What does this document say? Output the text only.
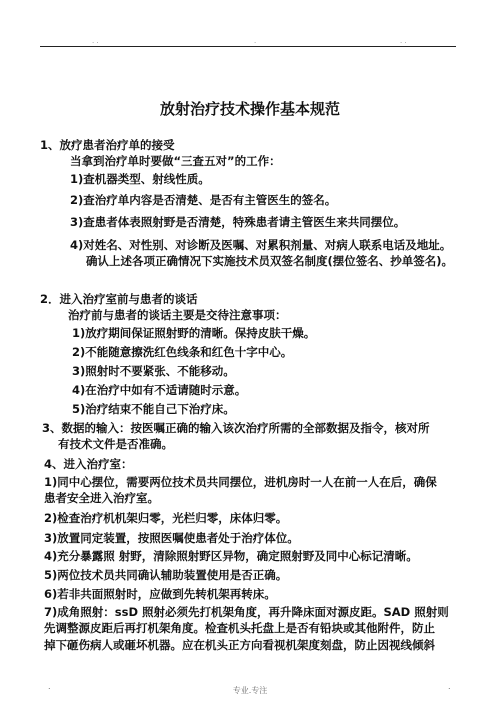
. .	.	. .
放射治疗技术操作基本规范
1、放疗患者治疗单的接受
当拿到治疗单时要做“三查五对”的工作：
1)查机器类型、射线性质。
2)查治疗单内容是否清楚、是否有主管医生的签名。
3)查患者体表照射野是否清楚，特殊患者请主管医生来共同摆位。
4)对姓名、对性别、对诊断及医嘱、对累积剂量、对病人联系电话及地址。
确认上述各项正确情况下实施技术员双签名制度(摆位签名、抄单签名)。
2．进入治疗室前与患者的谈话
治疗前与患者的谈话主要是交待注意事项：
1)放疗期间保证照射野的清晰。保持皮肤干燥。
2)不能随意擦洗红色线条和红色十字中心。
3)照射时不要紧张、不能移动。
4)在治疗中如有不适请随时示意。
5)治疗结束不能自己下治疗床。
3、数据的输入：按医嘱正确的输入该次治疗所需的全部数据及指令，核对所
有技术文件是否准确。
4、进入治疗室：
1)同中心摆位，需要两位技术员共同摆位，进机房时一人在前一人在后，确保
患者安全进入治疗室。
2)检查治疗机机架归零，光栏归零，床体归零。
3)放置同定装置，按照医嘱使患者处于治疗体位。
4)充分暴露照 射野，清除照射野区异物，确定照射野及同中心标记清晰。
5)两位技术员共同确认辅助装置使用是否正确。
6)若非共面照射时，应做到先转机架再转床。
7)成角照射：ssD 照射必须先打机架角度，再升降床面对源皮距。SAD 照射则
先调整源皮距后再打机架角度。检查机头托盘上是否有铅块或其他附件，防止
掉下砸伤病人或砸坏机器。应在机头正方向看视机架度刻盘，防止因视线倾斜
.	专业.专注	.
